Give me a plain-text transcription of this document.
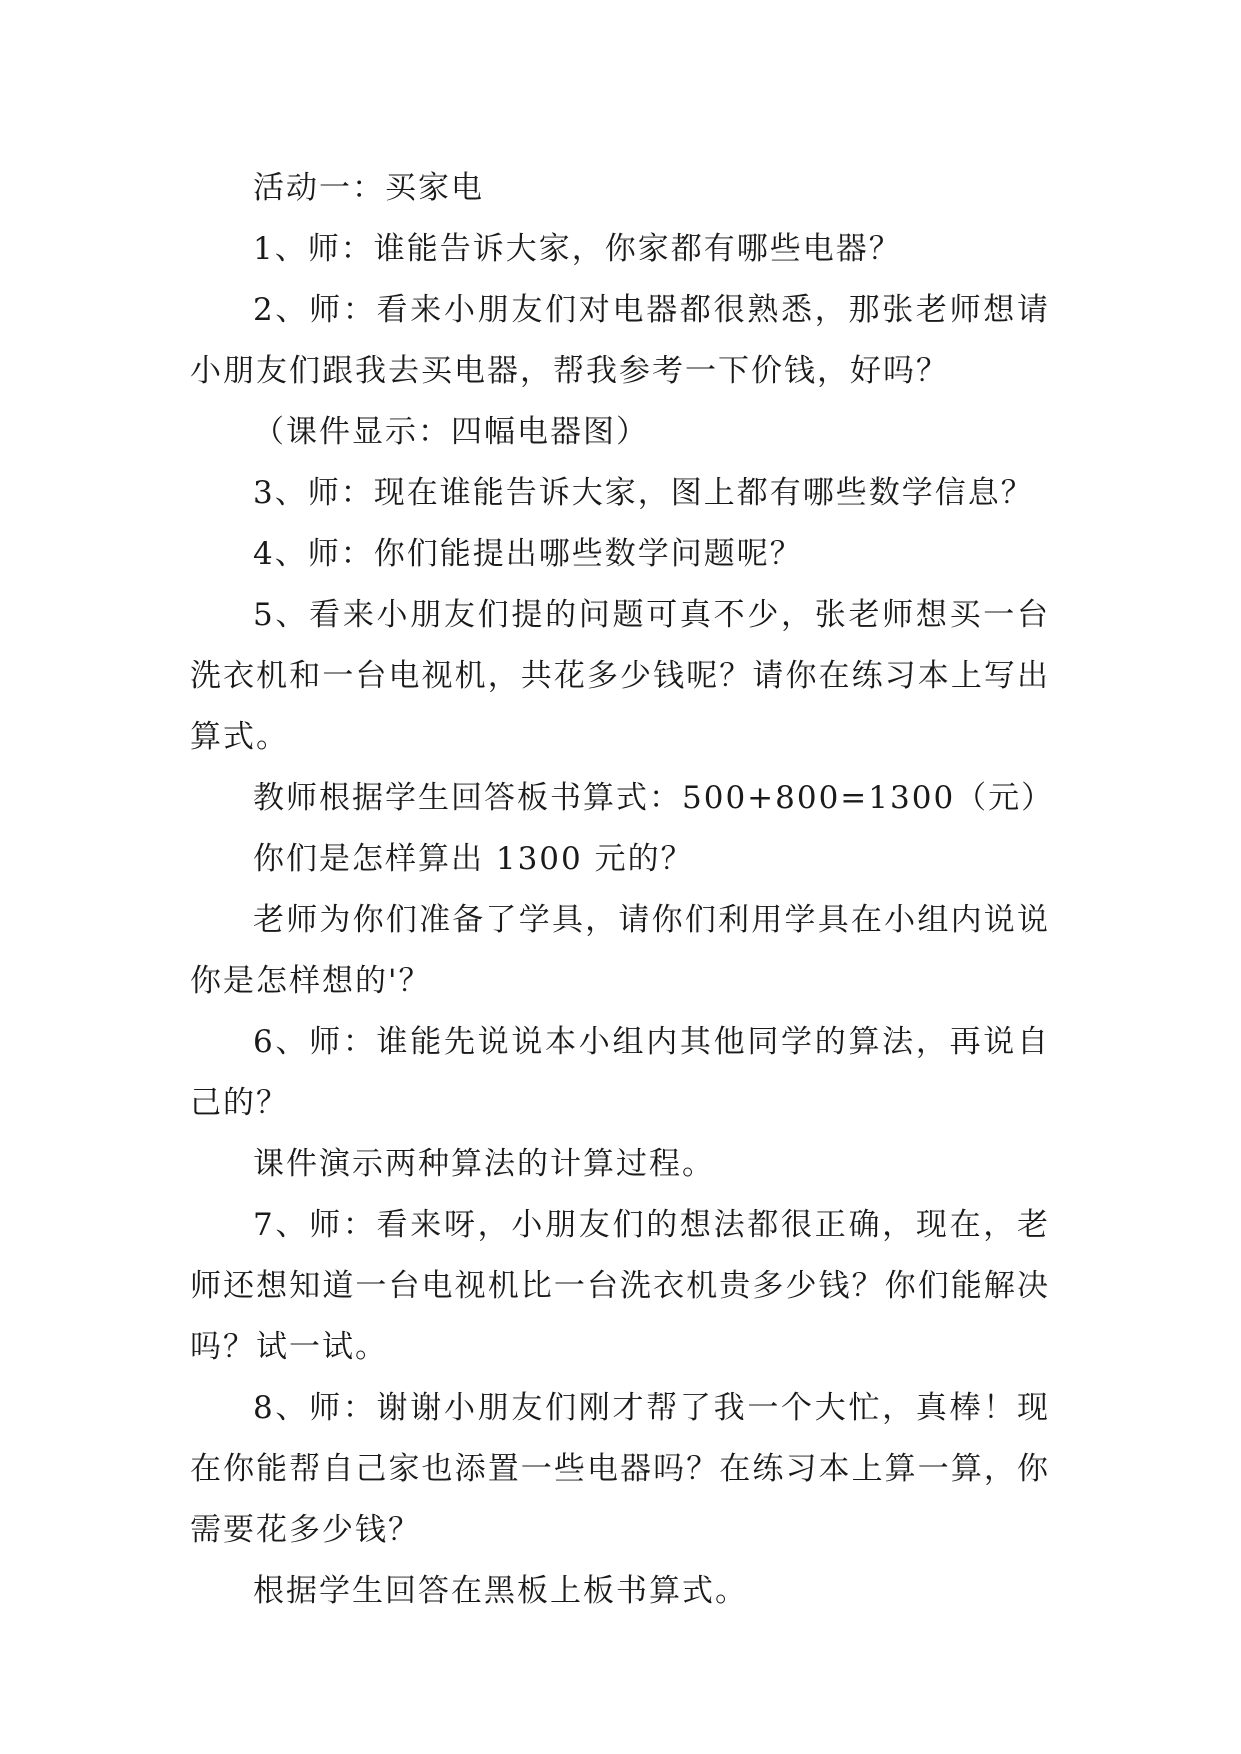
活动一：买家电

1、师：谁能告诉大家，你家都有哪些电器？

2、师：看来小朋友们对电器都很熟悉，那张老师想请小朋友们跟我去买电器，帮我参考一下价钱，好吗？

（课件显示：四幅电器图）

3、师：现在谁能告诉大家，图上都有哪些数学信息？

4、师：你们能提出哪些数学问题呢？

5、看来小朋友们提的问题可真不少，张老师想买一台洗衣机和一台电视机，共花多少钱呢？请你在练习本上写出算式。

教师根据学生回答板书算式：500+800=1300（元）

你们是怎样算出 1300 元的？

老师为你们准备了学具，请你们利用学具在小组内说说你是怎样想的'？

6、师：谁能先说说本小组内其他同学的算法，再说自己的？

课件演示两种算法的计算过程。

7、师：看来呀，小朋友们的想法都很正确，现在，老师还想知道一台电视机比一台洗衣机贵多少钱？你们能解决吗？试一试。

8、师：谢谢小朋友们刚才帮了我一个大忙，真棒！现在你能帮自己家也添置一些电器吗？在练习本上算一算，你需要花多少钱？

根据学生回答在黑板上板书算式。
